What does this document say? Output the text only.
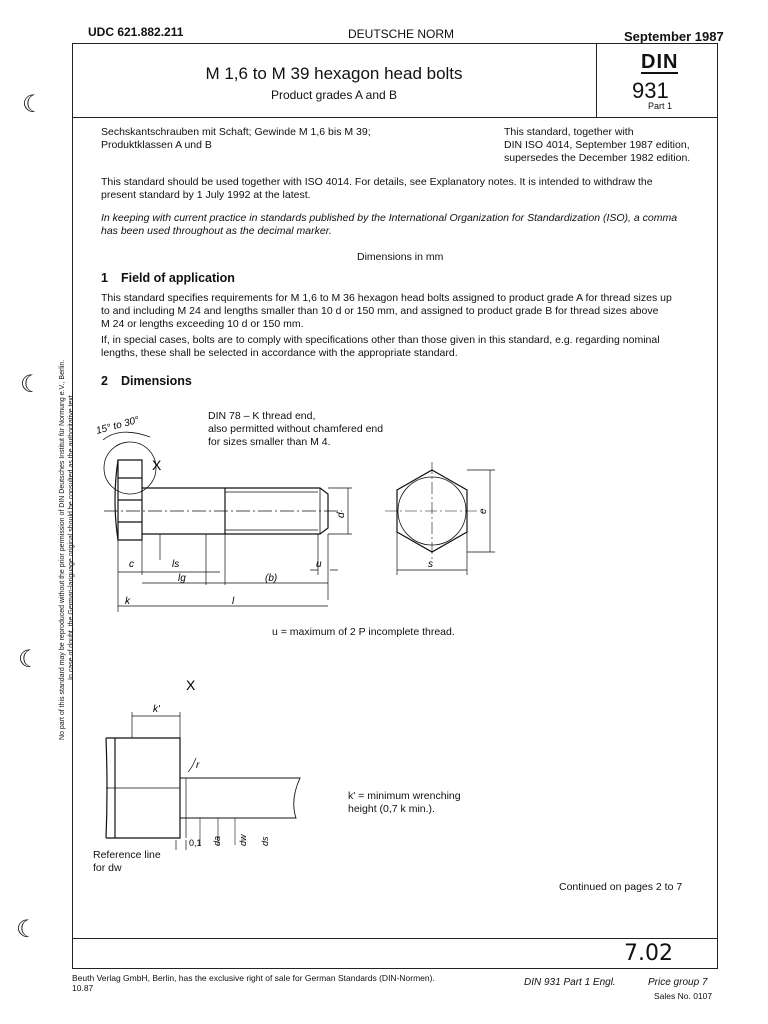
UDC 621.882.211	DEUTSCHE NORM	September 1987
M 1,6 to M 39 hexagon head bolts
Product grades A and B
DIN
931
Part 1
Sechskantschrauben mit Schaft; Gewinde M 1,6 bis M 39;
Produktklassen A und B
This standard, together with
DIN ISO 4014, September 1987 edition,
supersedes the December 1982 edition.
This standard should be used together with ISO 4014. For details, see Explanatory notes. It is intended to withdraw the
present standard by 1 July 1992 at the latest.
In keeping with current practice in standards published by the International Organization for Standardization (ISO), a comma
has been used throughout as the decimal marker.
Dimensions in mm
1 Field of application
This standard specifies requirements for M 1,6 to M 36 hexagon head bolts assigned to product grade A for thread sizes up
to and including M 24 and lengths smaller than 10 d or 150 mm, and assigned to product grade B for thread sizes above
M 24 or lengths exceeding 10 d or 150 mm.
If, in special cases, bolts are to comply with specifications other than those given in this standard, e.g. regarding nominal
lengths, these shall be selected in accordance with the appropriate standard.
2 Dimensions
DIN 78 – K thread end,
also permitted without chamfered end
for sizes smaller than M 4.
15° to 30°
X
c	ls
lg	(b)
u
k	l
d
s
e
u = maximum of 2 P incomplete thread.
X
k'
r
0,1 da dw ds
k' = minimum wrenching
height (0,7 k min.).
Reference line
for dw
Continued on pages 2 to 7
7.02
Beuth Verlag GmbH, Berlin, has the exclusive right of sale for German Standards (DIN-Normen).
10.87	DIN 931 Part 1 Engl.	Price group 7
Sales No. 0107
☾
☾
☾
☾
No part of this standard may be reproduced without the prior permission of DIN Deutsches Institut für Normung e.V., Berlin. In case of doubt, the German-language original should be consulted as the authoritative text.
